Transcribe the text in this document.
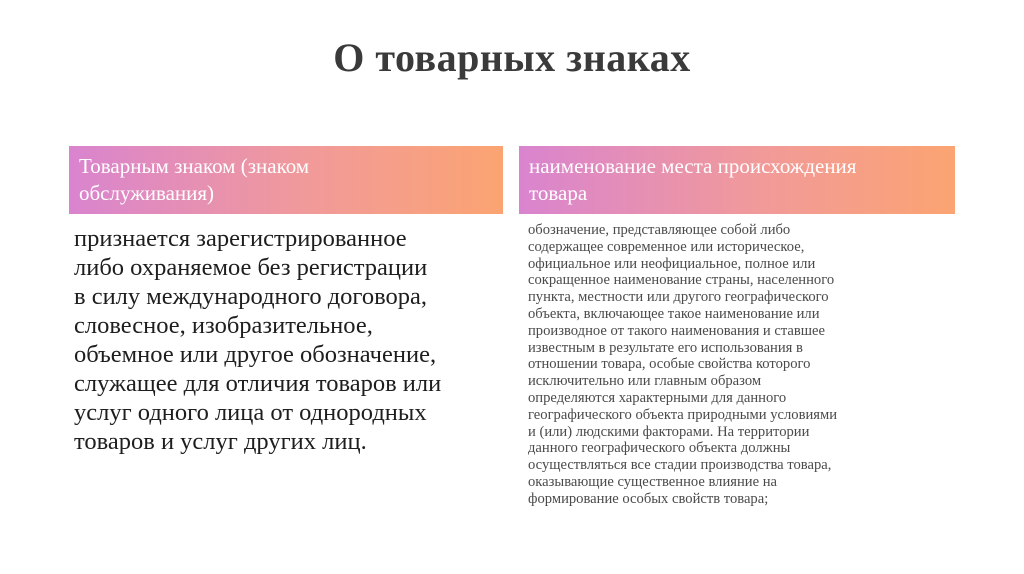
О товарных знаках
Товарным знаком (знаком
обслуживания)
наименование места происхождения
товара
признается зарегистрированное
либо охраняемое без регистрации
в силу международного договора,
словесное, изобразительное,
объемное или другое обозначение,
служащее для отличия товаров или
услуг одного лица от однородных
товаров и услуг других лиц.
обозначение, представляющее собой либо
содержащее современное или историческое,
официальное или неофициальное, полное или
сокращенное наименование страны, населенного
пункта, местности или другого географического
объекта, включающее такое наименование или
производное от такого наименования и ставшее
известным в результате его использования в
отношении товара, особые свойства которого
исключительно или главным образом
определяются характерными для данного
географического объекта природными условиями
и (или) людскими факторами. На территории
данного географического объекта должны
осуществляться все стадии производства товара,
оказывающие существенное влияние на
формирование особых свойств товара;
